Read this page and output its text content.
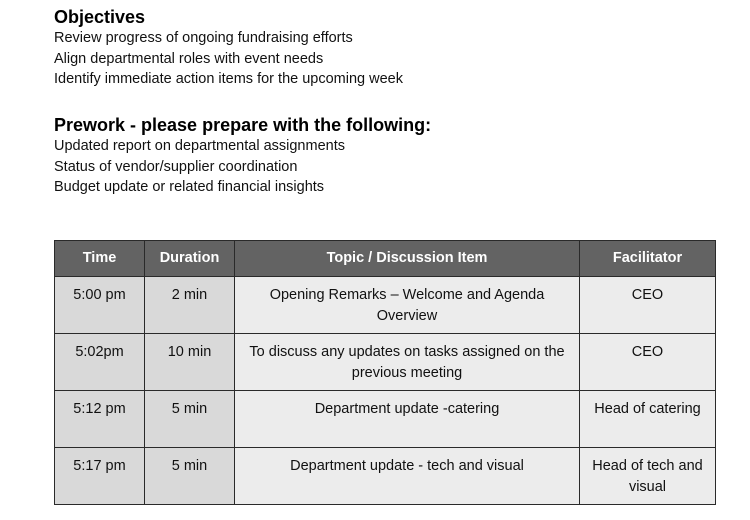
Objectives

Review progress of ongoing fundraising efforts

Align departmental roles with event needs

Identify immediate action items for the upcoming week

Prework - please prepare with the following:

Updated report on departmental assignments

Status of vendor/supplier coordination

Budget update or related financial insights

Time	Duration	Topic / Discussion Item	Facilitator
5:00 pm	2 min	Opening Remarks – Welcome and Agenda Overview	CEO
5:02pm	10 min	To discuss any updates on tasks assigned on the previous meeting	CEO
5:12 pm	5 min	Department update -catering	Head of catering
5:17 pm	5 min	Department update - tech and visual	Head of tech and visual
